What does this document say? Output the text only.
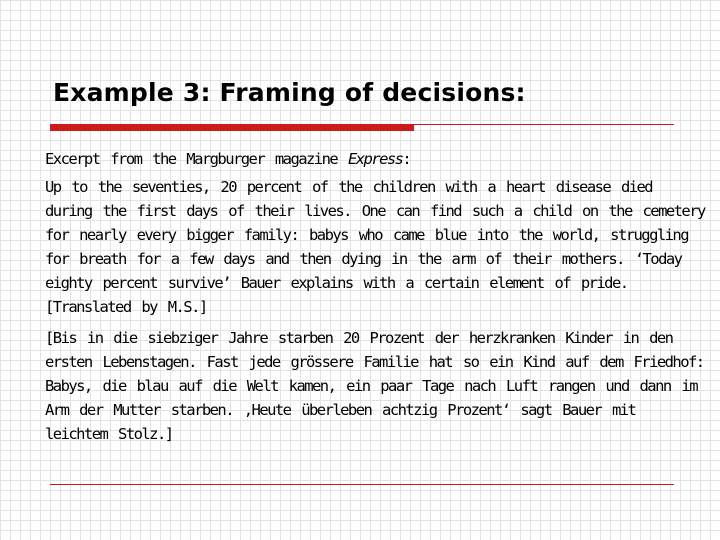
Example 3: Framing of decisions:

Excerpt from the Margburger magazine Express:

Up to the seventies, 20 percent of the children with a heart disease died during the first days of their lives. One can find such a child on the cemetery for nearly every bigger family: babys who came blue into the world, struggling for breath for a few days and then dying in the arm of their mothers. ‘Today eighty percent survive’ Bauer explains with a certain element of pride. [Translated by M.S.]

[Bis in die siebziger Jahre starben 20 Prozent der herzkranken Kinder in den ersten Lebenstagen. Fast jede grössere Familie hat so ein Kind auf dem Friedhof: Babys, die blau auf die Welt kamen, ein paar Tage nach Luft rangen und dann im Arm der Mutter starben. ‚Heute überleben achtzig Prozent‘ sagt Bauer mit leichtem Stolz.]
